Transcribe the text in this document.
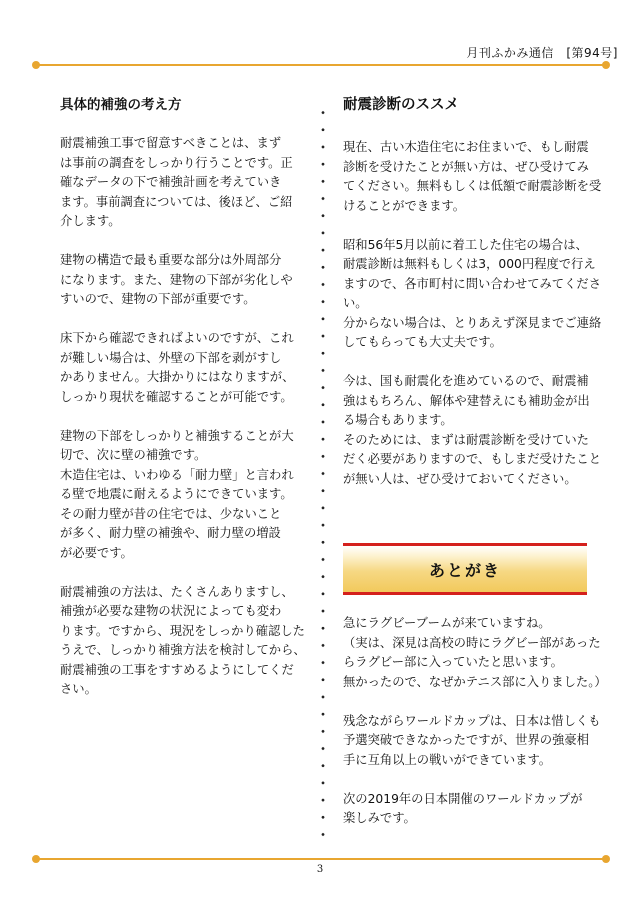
月刊ふかみ通信　[第94号]
具体的補強の考え方

耐震補強工事で留意すべきことは、まず
は事前の調査をしっかり行うことです。正
確なデータの下で補強計画を考えていき
ます。事前調査については、後ほど、ご紹
介します。

建物の構造で最も重要な部分は外周部分
になります。また、建物の下部が劣化しや
すいので、建物の下部が重要です。

床下から確認できればよいのですが、これ
が難しい場合は、外壁の下部を剥がすし
かありません。大掛かりにはなりますが、
しっかり現状を確認することが可能です。

建物の下部をしっかりと補強することが大
切で、次に壁の補強です。
木造住宅は、いわゆる「耐力壁」と言われ
る壁で地震に耐えるようにできています。
その耐力壁が昔の住宅では、少ないこと
が多く、耐力壁の補強や、耐力壁の増設
が必要です。

耐震補強の方法は、たくさんありますし、
補強が必要な建物の状況によっても変わ
ります。ですから、現況をしっかり確認した
うえで、しっかり補強方法を検討してから、
耐震補強の工事をすすめるようにしてくだ
さい。

耐震診断のススメ

現在、古い木造住宅にお住まいで、もし耐震
診断を受けたことが無い方は、ぜひ受けてみ
てください。無料もしくは低額で耐震診断を受
けることができます。

昭和56年5月以前に着工した住宅の場合は、
耐震診断は無料もしくは3，000円程度で行え
ますので、各市町村に問い合わせてみてくださ
い。
分からない場合は、とりあえず深見までご連絡
してもらっても大丈夫です。

今は、国も耐震化を進めているので、耐震補
強はもちろん、解体や建替えにも補助金が出
る場合もあります。
そのためには、まずは耐震診断を受けていた
だく必要がありますので、もしまだ受けたこと
が無い人は、ぜひ受けておいてください。

あとがき

急にラグビーブームが来ていますね。
（実は、深見は高校の時にラグビー部があった
らラグビー部に入っていたと思います。
無かったので、なぜかテニス部に入りました。）

残念ながらワールドカップは、日本は惜しくも
予選突破できなかったですが、世界の強豪相
手に互角以上の戦いができています。

次の2019年の日本開催のワールドカップが
楽しみです。

3
